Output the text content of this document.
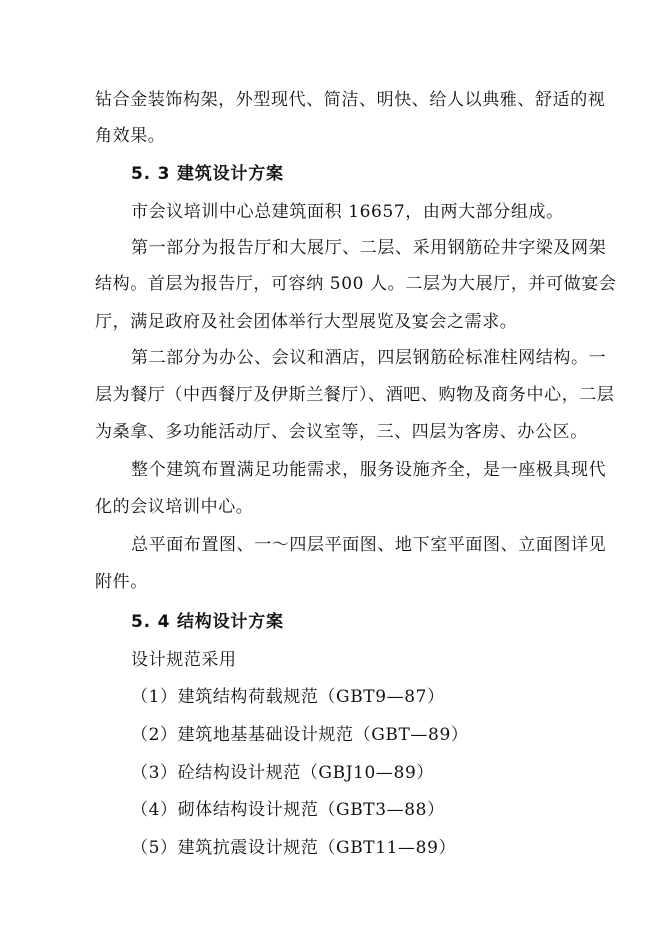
钻合金装饰构架，外型现代、简洁、明快、给人以典雅、舒适的视
角效果。
5. 3 建筑设计方案
市会议培训中心总建筑面积 16657，由两大部分组成。
第一部分为报告厅和大展厅、二层、采用钢筋砼井字梁及网架
结构。首层为报告厅，可容纳 500 人。二层为大展厅，并可做宴会
厅，满足政府及社会团体举行大型展览及宴会之需求。
第二部分为办公、会议和酒店，四层钢筋砼标准柱网结构。一
层为餐厅（中西餐厅及伊斯兰餐厅）、酒吧、购物及商务中心，二层
为桑拿、多功能活动厅、会议室等，三、四层为客房、办公区。
整个建筑布置满足功能需求，服务设施齐全，是一座极具现代
化的会议培训中心。
总平面布置图、一～四层平面图、地下室平面图、立面图详见
附件。
5. 4 结构设计方案
设计规范采用
（1）建筑结构荷载规范（GBT9—87）
（2）建筑地基基础设计规范（GBT—89）
（3）砼结构设计规范（GBJ10—89）
（4）砌体结构设计规范（GBT3—88）
（5）建筑抗震设计规范（GBT11—89）
